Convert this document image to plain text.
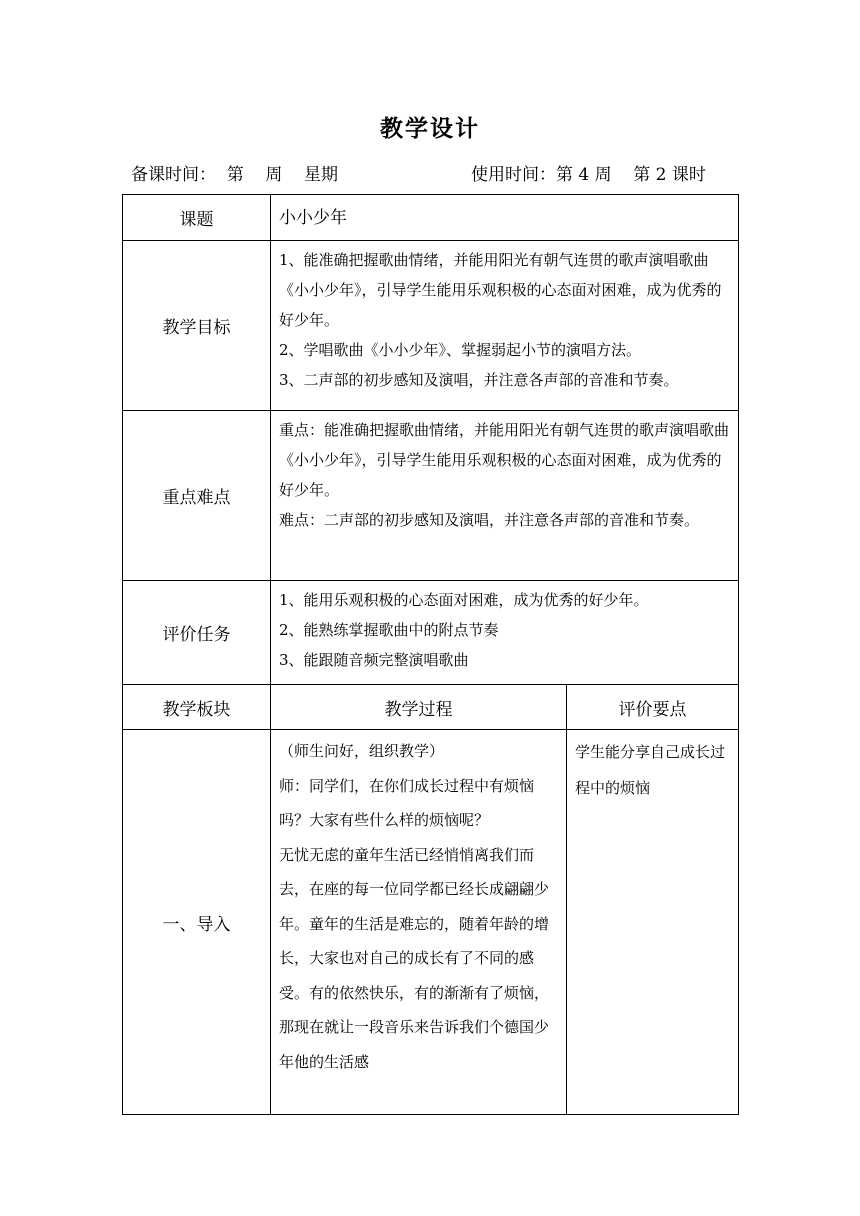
教学设计
备课时间：  第    周    星期	使用时间：第 4 周    第 2 课时
课题	小小少年	
教学目标	1、能准确把握歌曲情绪，并能用阳光有朝气连贯的歌声演唱歌曲《小小少年》，引导学生能用乐观积极的心态面对困难，成为优秀的好少年。
2、学唱歌曲《小小少年》、掌握弱起小节的演唱方法。
3、二声部的初步感知及演唱，并注意各声部的音准和节奏。	

重点难点	重点：能准确把握歌曲情绪，并能用阳光有朝气连贯的歌声演唱歌曲《小小少年》，引导学生能用乐观积极的心态面对困难，成为优秀的好少年。
难点：二声部的初步感知及演唱，并注意各声部的音准和节奏。	

评价任务	1、能用乐观积极的心态面对困难，成为优秀的好少年。
2、能熟练掌握歌曲中的附点节奏
3、能跟随音频完整演唱歌曲	

教学板块	教学过程	评价要点
一、导入	（师生问好，组织教学）
师：同学们，在你们成长过程中有烦恼吗？大家有些什么样的烦恼呢？
无忧无虑的童年生活已经悄悄离我们而去，在座的每一位同学都已经长成翩翩少年。童年的生活是难忘的，随着年龄的增长，大家也对自己的成长有了不同的感受。有的依然快乐，有的渐渐有了烦恼，那现在就让一段音乐来告诉我们个德国少年他的生活感	学生能分享自己成长过程中的烦恼
